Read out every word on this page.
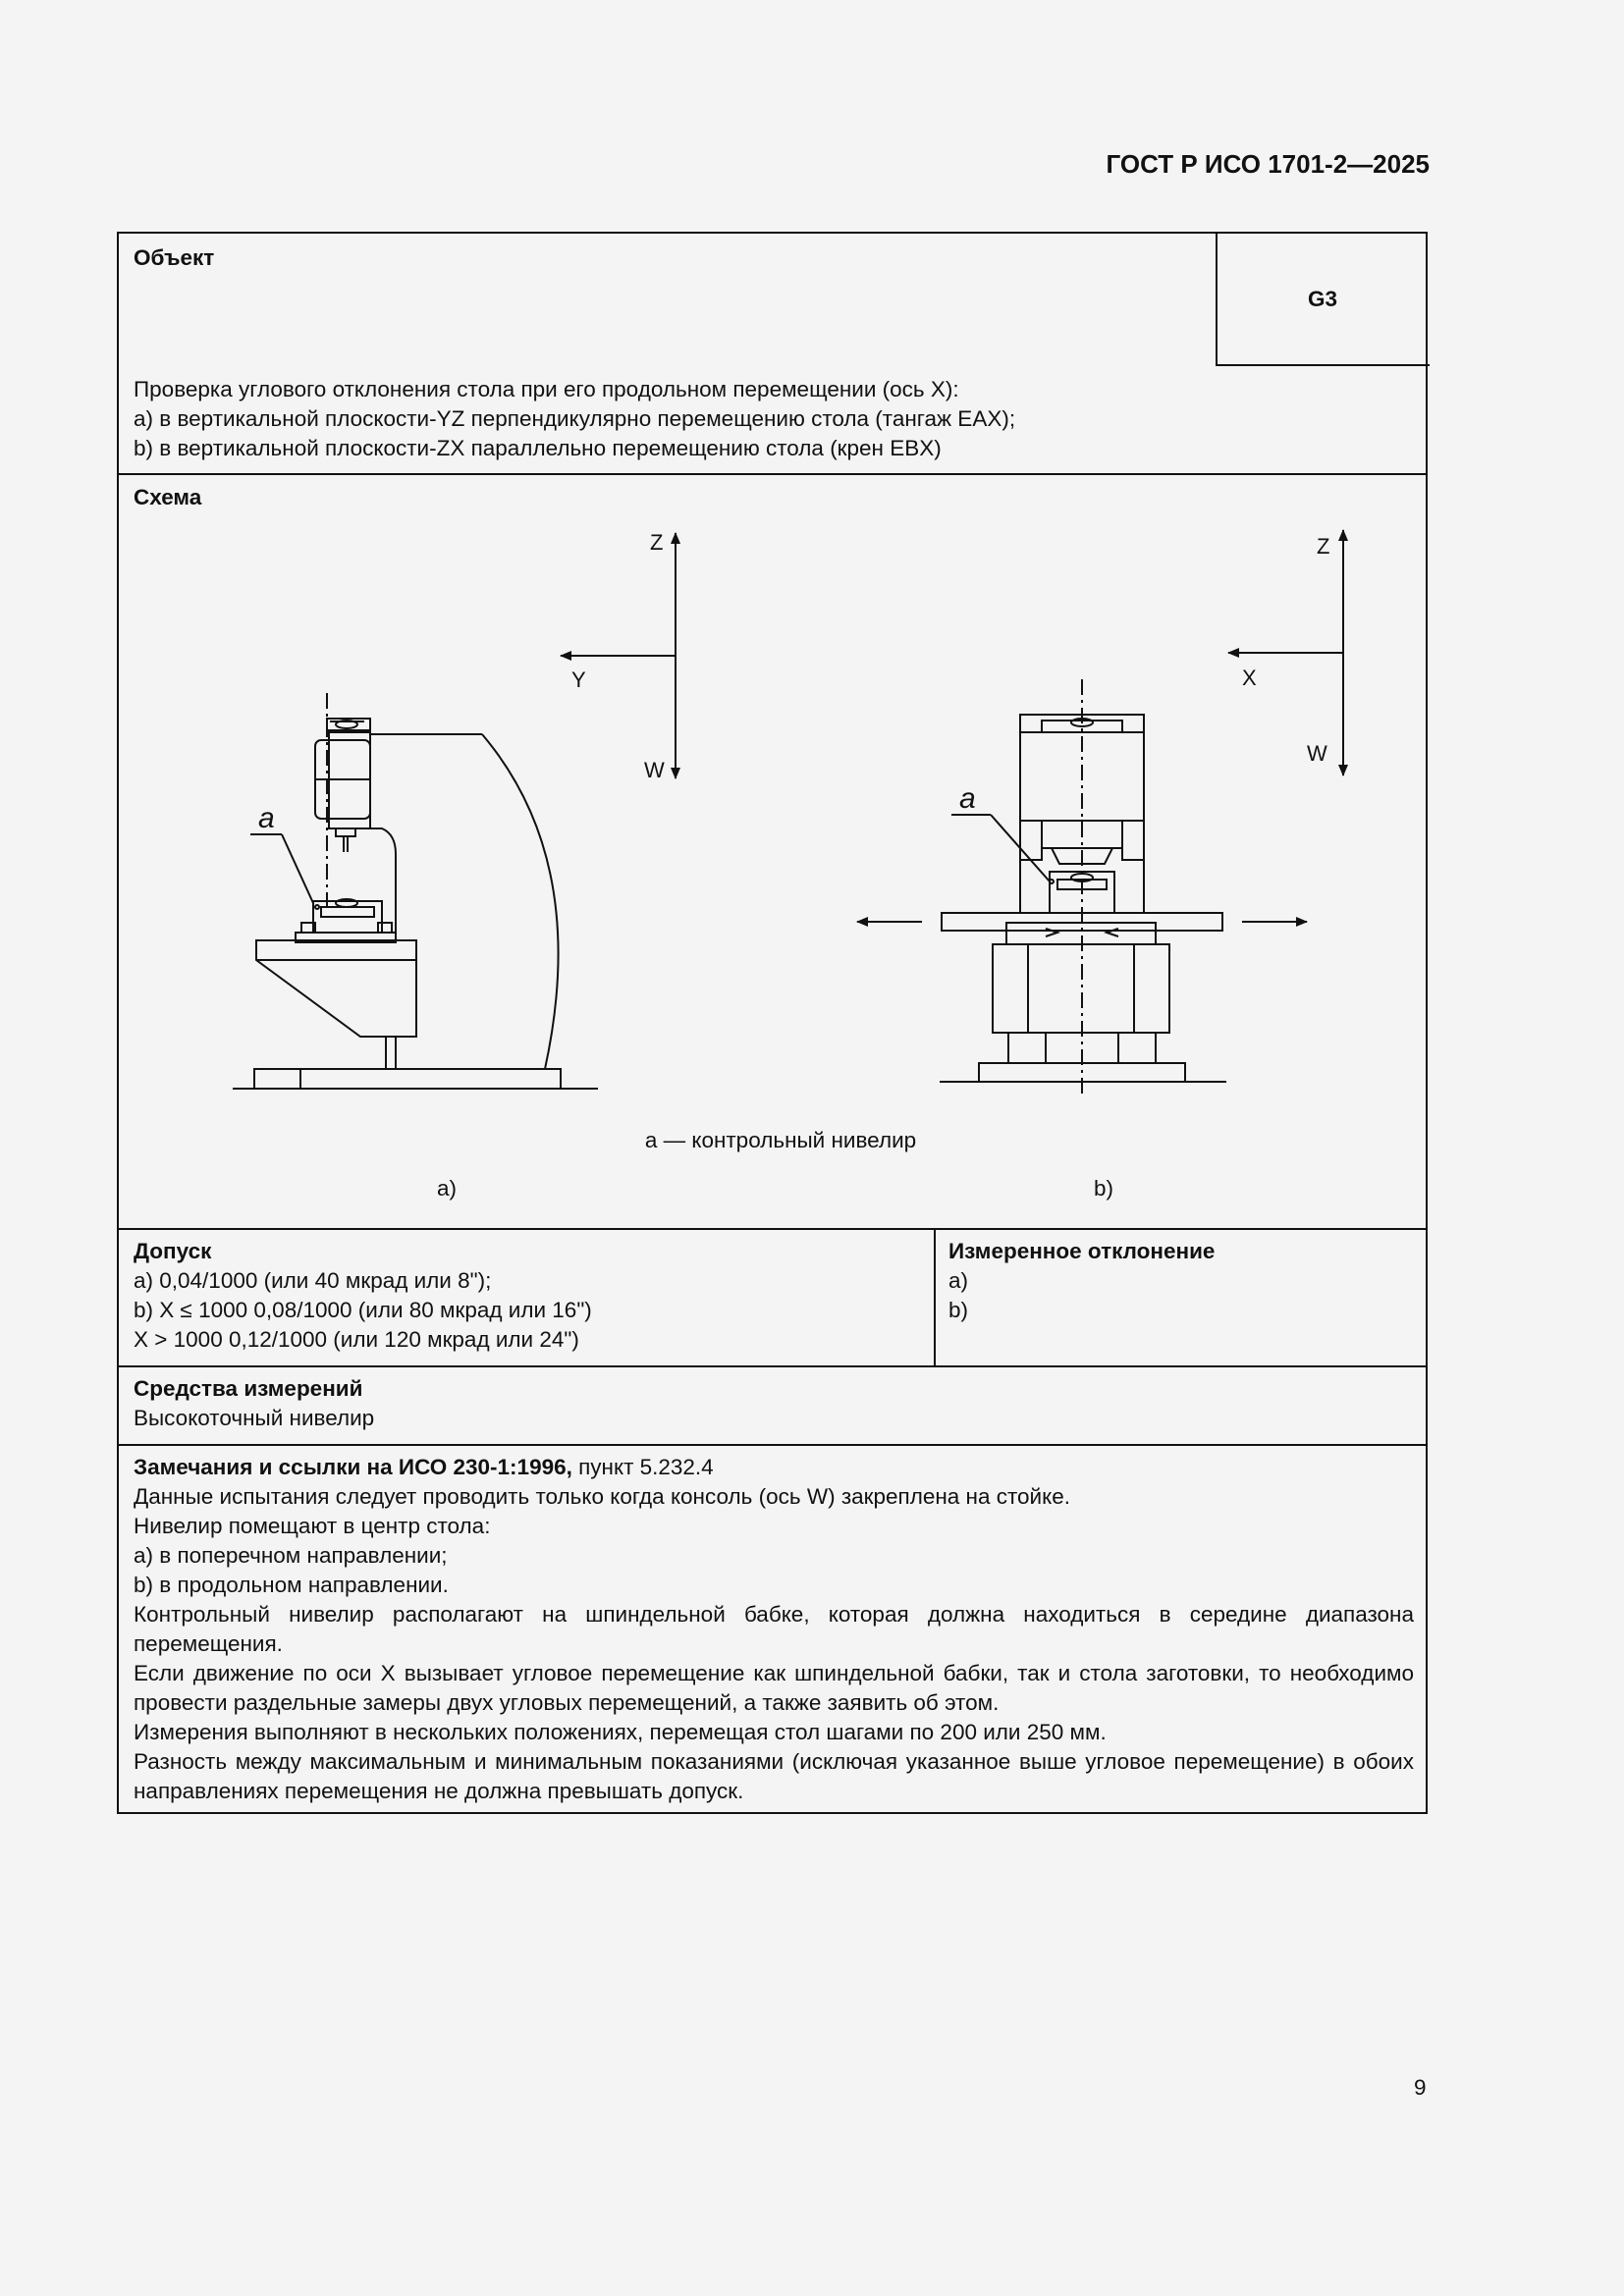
ГОСТ Р ИСО 1701-2—2025
Объект
G3
Проверка углового отклонения стола при его продольном перемещении (ось X):
a) в вертикальной плоскости-YZ перпендикулярно перемещению стола (тангаж EAX);
b) в вертикальной плоскости-ZX параллельно перемещению стола (крен EBX)
Схема
Z
Y
W
a
a)
Z
X
W
a
b)
a — контрольный нивелир
Допуск
a) 0,04/1000 (или 40 мкрад или 8");
b) X ≤ 1000 0,08/1000 (или 80 мкрад или 16")
X > 1000 0,12/1000 (или 120 мкрад или 24")
Измеренное отклонение
a)
b)
Средства измерений
Высокоточный нивелир
Замечания и ссылки на ИСО 230-1:1996, пункт 5.232.4
Данные испытания следует проводить только когда консоль (ось W) закреплена на стойке.
Нивелир помещают в центр стола:
a) в поперечном направлении;
b) в продольном направлении.
Контрольный нивелир располагают на шпиндельной бабке, которая должна находиться в середине диапазона перемещения.
Если движение по оси X вызывает угловое перемещение как шпиндельной бабки, так и стола заготовки, то необходимо провести раздельные замеры двух угловых перемещений, а также заявить об этом.
Измерения выполняют в нескольких положениях, перемещая стол шагами по 200 или 250 мм.
Разность между максимальным и минимальным показаниями (исключая указанное выше угловое перемещение) в обоих направлениях перемещения не должна превышать допуск.
9
